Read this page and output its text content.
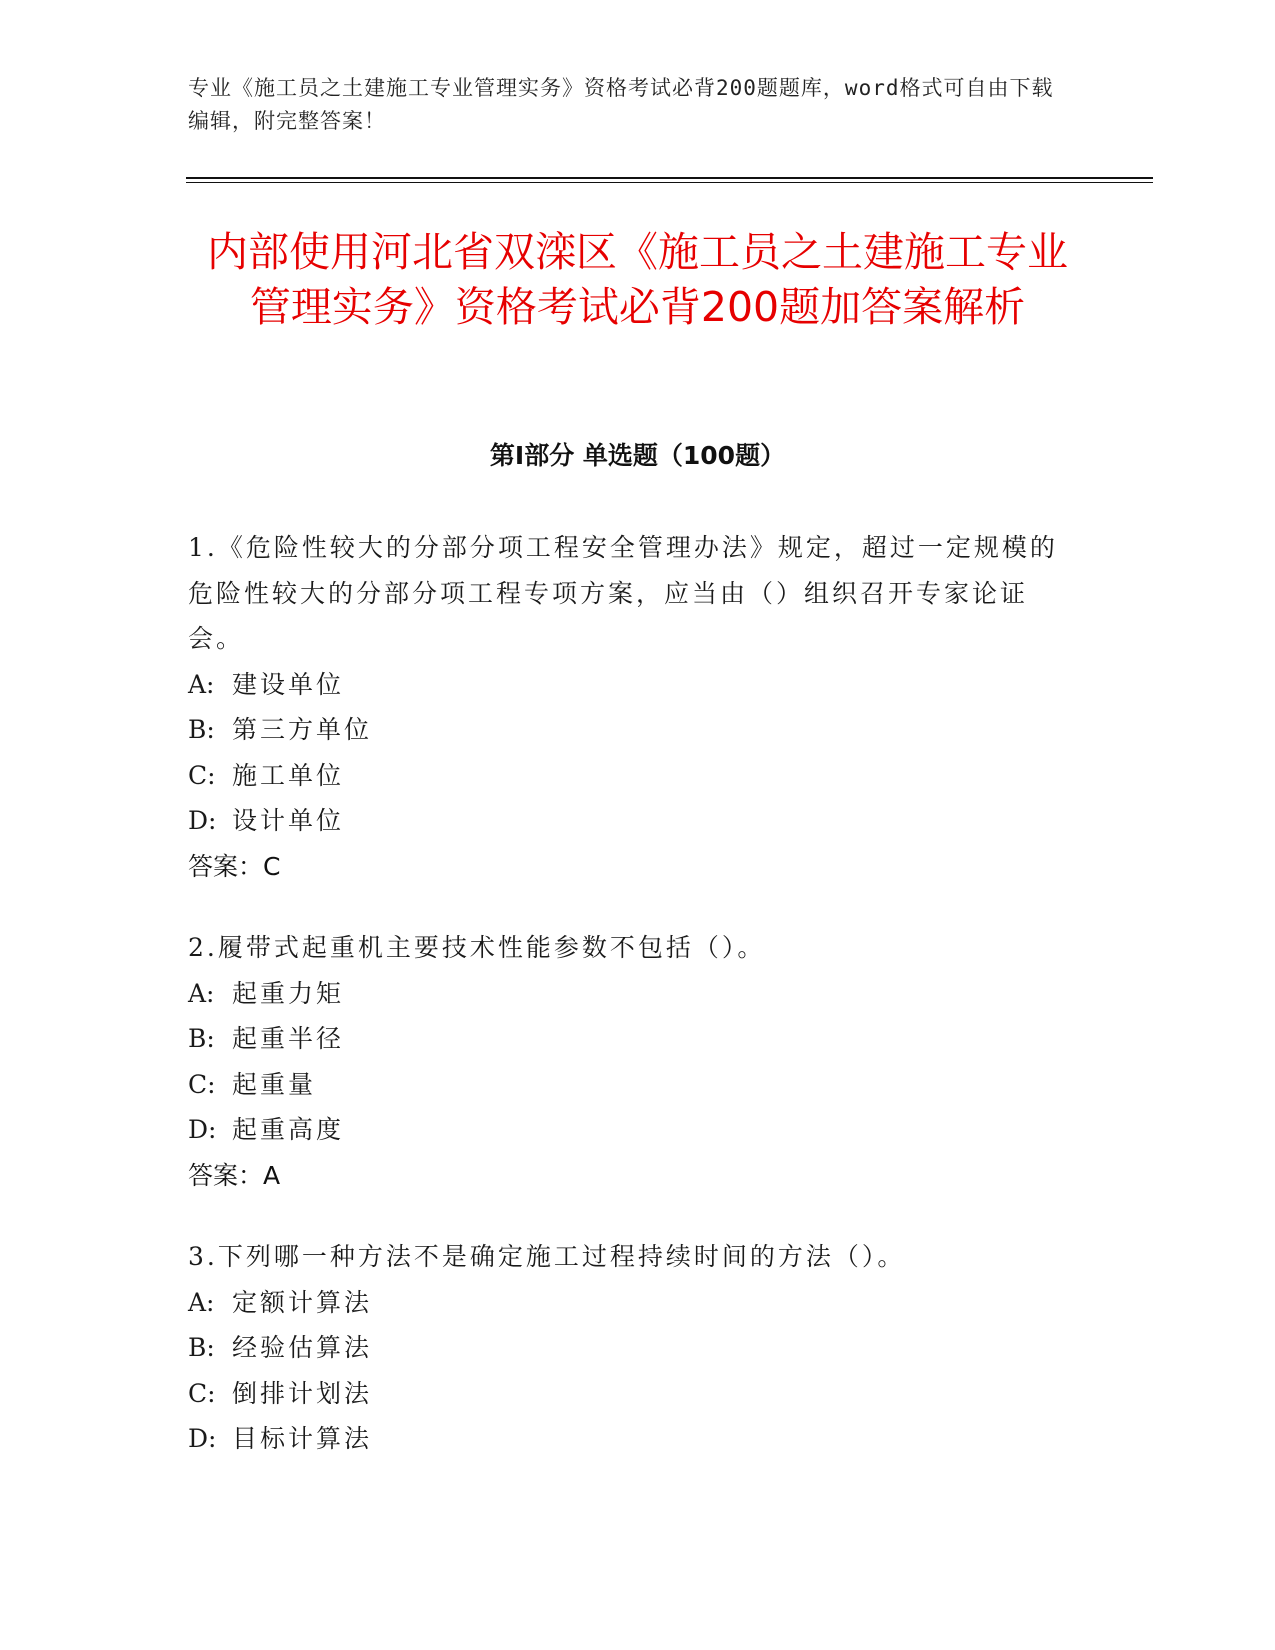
专业《施工员之土建施工专业管理实务》资格考试必背200题题库，word格式可自由下载编辑，附完整答案！
内部使用河北省双滦区《施工员之土建施工专业管理实务》资格考试必背200题加答案解析
第I部分 单选题（100题）
1.《危险性较大的分部分项工程安全管理办法》规定，超过一定规模的危险性较大的分部分项工程专项方案，应当由（）组织召开专家论证会。
A: 建设单位
B: 第三方单位
C: 施工单位
D: 设计单位
答案：C
2.履带式起重机主要技术性能参数不包括（）。
A: 起重力矩
B: 起重半径
C: 起重量
D: 起重高度
答案：A
3.下列哪一种方法不是确定施工过程持续时间的方法（）。
A: 定额计算法
B: 经验估算法
C: 倒排计划法
D: 目标计算法
